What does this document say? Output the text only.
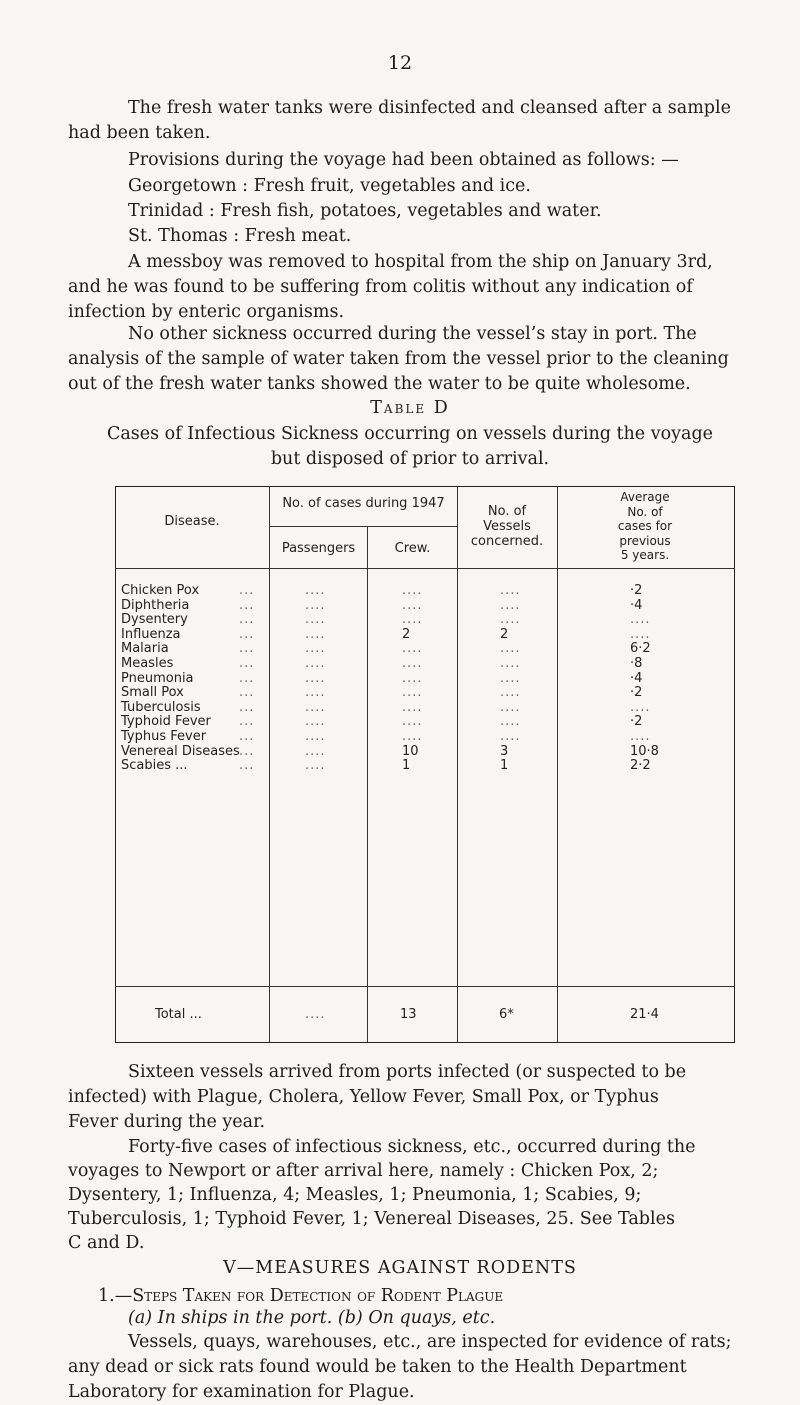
12

The fresh water tanks were disinfected and cleansed after a sample
had been taken.

Provisions during the voyage had been obtained as follows: —

Georgetown : Fresh fruit, vegetables and ice.
Trinidad : Fresh fish, potatoes, vegetables and water.
St. Thomas : Fresh meat.

A messboy was removed to hospital from the ship on January 3rd,
and he was found to be suffering from colitis without any indication of
infection by enteric organisms.

No other sickness occurred during the vessel’s stay in port. The
analysis of the sample of water taken from the vessel prior to the cleaning
out of the fresh water tanks showed the water to be quite wholesome.

Table D
Cases of Infectious Sickness occurring on vessels during the voyage
but disposed of prior to arrival.
Disease.
No. of cases during 1947
Passengers	Crew.
No. of
Vessels
concerned.
Average
No. of
cases for
previous
5 years.
Chicken Pox	...	....	....	....	·2
Diphtheria	...	....	....	....	·4
Dysentery	...	....	....	....	....
Influenza	...	....	2	2	....
Malaria	...	....	....	....	6·2
Measles	...	....	....	....	·8
Pneumonia	...	....	....	....	·4
Small Pox	...	....	....	....	·2
Tuberculosis	...	....	....	....	....
Typhoid Fever ...	....	....	....	·2
Typhus Fever	...	....	....	....	....
Venereal Diseases ...	....	10	3	10·8
Scabies ...	...	....	1	1	2·2
Total ...	....	13	6*	21·4

Sixteen vessels arrived from ports infected (or suspected to be
infected) with Plague, Cholera, Yellow Fever, Small Pox, or Typhus
Fever during the year.

Forty-five cases of infectious sickness, etc., occurred during the
voyages to Newport or after arrival here, namely : Chicken Pox, 2;
Dysentery, 1; Influenza, 4; Measles, 1; Pneumonia, 1; Scabies, 9;
Tuberculosis, 1; Typhoid Fever, 1; Venereal Diseases, 25. See Tables
C and D.

V—MEASURES AGAINST RODENTS
1.—Steps Taken for Detection of Rodent Plague
(a) In ships in the port. (b) On quays, etc.

Vessels, quays, warehouses, etc., are inspected for evidence of rats;
any dead or sick rats found would be taken to the Health Department
Laboratory for examination for Plague.
